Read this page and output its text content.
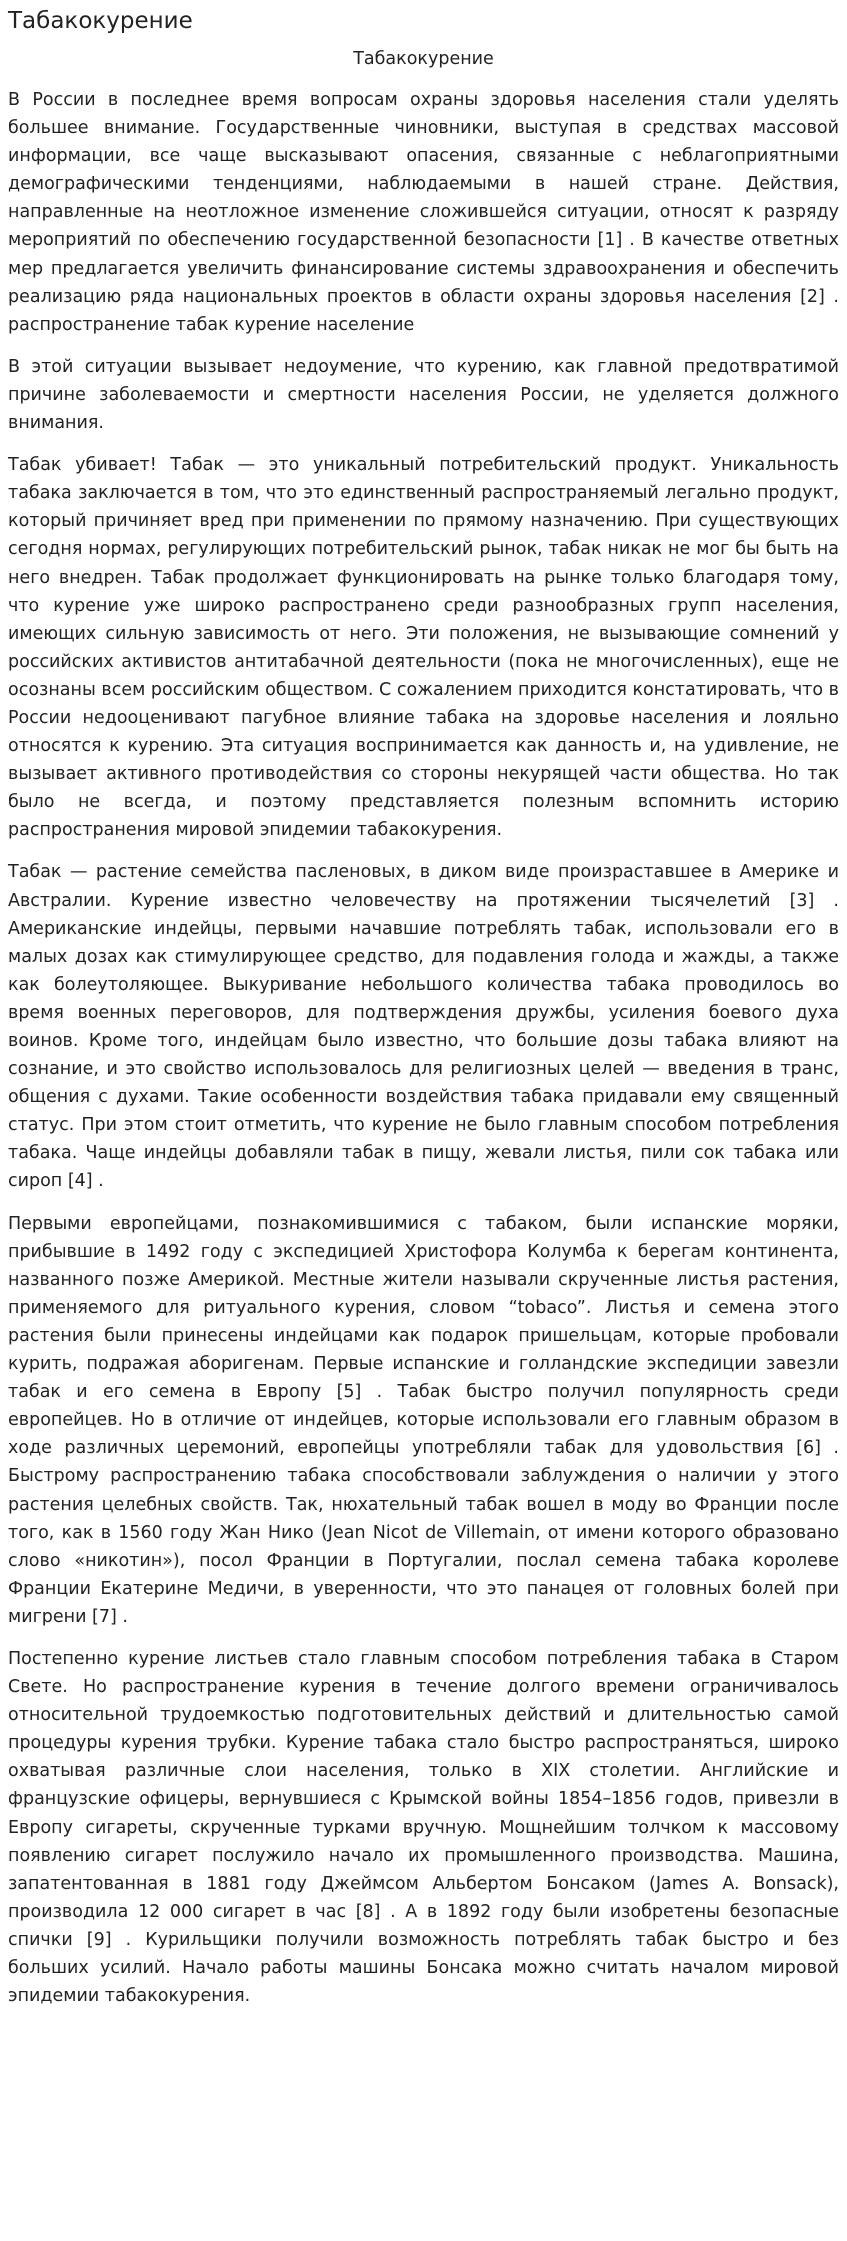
Табакокурение
Табакокурение

В России в последнее время вопросам охраны здоровья населения стали уделять большее внимание. Государственные чиновники, выступая в средствах массовой информации, все чаще высказывают опасения, связанные с неблагоприятными демографическими тенденциями, наблюдаемыми в нашей стране. Действия, направленные на неотложное изменение сложившейся ситуации, относят к разряду мероприятий по обеспечению государственной безопасности [1] . В качестве ответных мер предлагается увеличить финансирование системы здравоохранения и обеспечить реализацию ряда национальных проектов в области охраны здоровья населения [2] . распространение табак курение население

В этой ситуации вызывает недоумение, что курению, как главной предотвратимой причине заболеваемости и смертности населения России, не уделяется должного внимания.

Табак убивает! Табак — это уникальный потребительский продукт. Уникальность табака заключается в том, что это единственный распространяемый легально продукт, который причиняет вред при применении по прямому назначению. При существующих сегодня нормах, регулирующих потребительский рынок, табак никак не мог бы быть на него внедрен. Табак продолжает функционировать на рынке только благодаря тому, что курение уже широко распространено среди разнообразных групп населения, имеющих сильную зависимость от него. Эти положения, не вызывающие сомнений у российских активистов антитабачной деятельности (пока не многочисленных), еще не осознаны всем российским обществом. С сожалением приходится констатировать, что в России недооценивают пагубное влияние табака на здоровье населения и лояльно относятся к курению. Эта ситуация воспринимается как данность и, на удивление, не вызывает активного противодействия со стороны некурящей части общества. Но так было не всегда, и поэтому представляется полезным вспомнить историю распространения мировой эпидемии табакокурения.

Табак — растение семейства пасленовых, в диком виде произраставшее в Америке и Австралии. Курение известно человечеству на протяжении тысячелетий [3] . Американские индейцы, первыми начавшие потреблять табак, использовали его в малых дозах как стимулирующее средство, для подавления голода и жажды, а также как болеутоляющее. Выкуривание небольшого количества табака проводилось во время военных переговоров, для подтверждения дружбы, усиления боевого духа воинов. Кроме того, индейцам было известно, что большие дозы табака влияют на сознание, и это свойство использовалось для религиозных целей — введения в транс, общения с духами. Такие особенности воздействия табака придавали ему священный статус. При этом стоит отметить, что курение не было главным способом потребления табака. Чаще индейцы добавляли табак в пищу, жевали листья, пили сок табака или сироп [4] .

Первыми европейцами, познакомившимися с табаком, были испанские моряки, прибывшие в 1492 году с экспедицией Христофора Колумба к берегам континента, названного позже Америкой. Местные жители называли скрученные листья растения, применяемого для ритуального курения, словом “tobaco”. Листья и семена этого растения были принесены индейцами как подарок пришельцам, которые пробовали курить, подражая аборигенам. Первые испанские и голландские экспедиции завезли табак и его семена в Европу [5] . Табак быстро получил популярность среди европейцев. Но в отличие от индейцев, которые использовали его главным образом в ходе различных церемоний, европейцы употребляли табак для удовольствия [6] . Быстрому распространению табака способствовали заблуждения о наличии у этого растения целебных свойств. Так, нюхательный табак вошел в моду во Франции после того, как в 1560 году Жан Нико (Jean Nicot de Villemain, от имени которого образовано слово «никотин»), посол Франции в Португалии, послал семена табака королеве Франции Екатерине Медичи, в уверенности, что это панацея от головных болей при мигрени [7] .

Постепенно курение листьев стало главным способом потребления табака в Старом Свете. Но распространение курения в течение долгого времени ограничивалось относительной трудоемкостью подготовительных действий и длительностью самой процедуры курения трубки. Курение табака стало быстро распространяться, широко охватывая различные слои населения, только в XIX столетии. Английские и французские офицеры, вернувшиеся с Крымской войны 1854–1856 годов, привезли в Европу сигареты, скрученные турками вручную. Мощнейшим толчком к массовому появлению сигарет послужило начало их промышленного производства. Машина, запатентованная в 1881 году Джеймсом Альбертом Бонсаком (James A. Bonsack), производила 12 000 сигарет в час [8] . А в 1892 году были изобретены безопасные спички [9] . Курильщики получили возможность потреблять табак быстро и без больших усилий. Начало работы машины Бонсака можно считать началом мировой эпидемии табакокурения.
